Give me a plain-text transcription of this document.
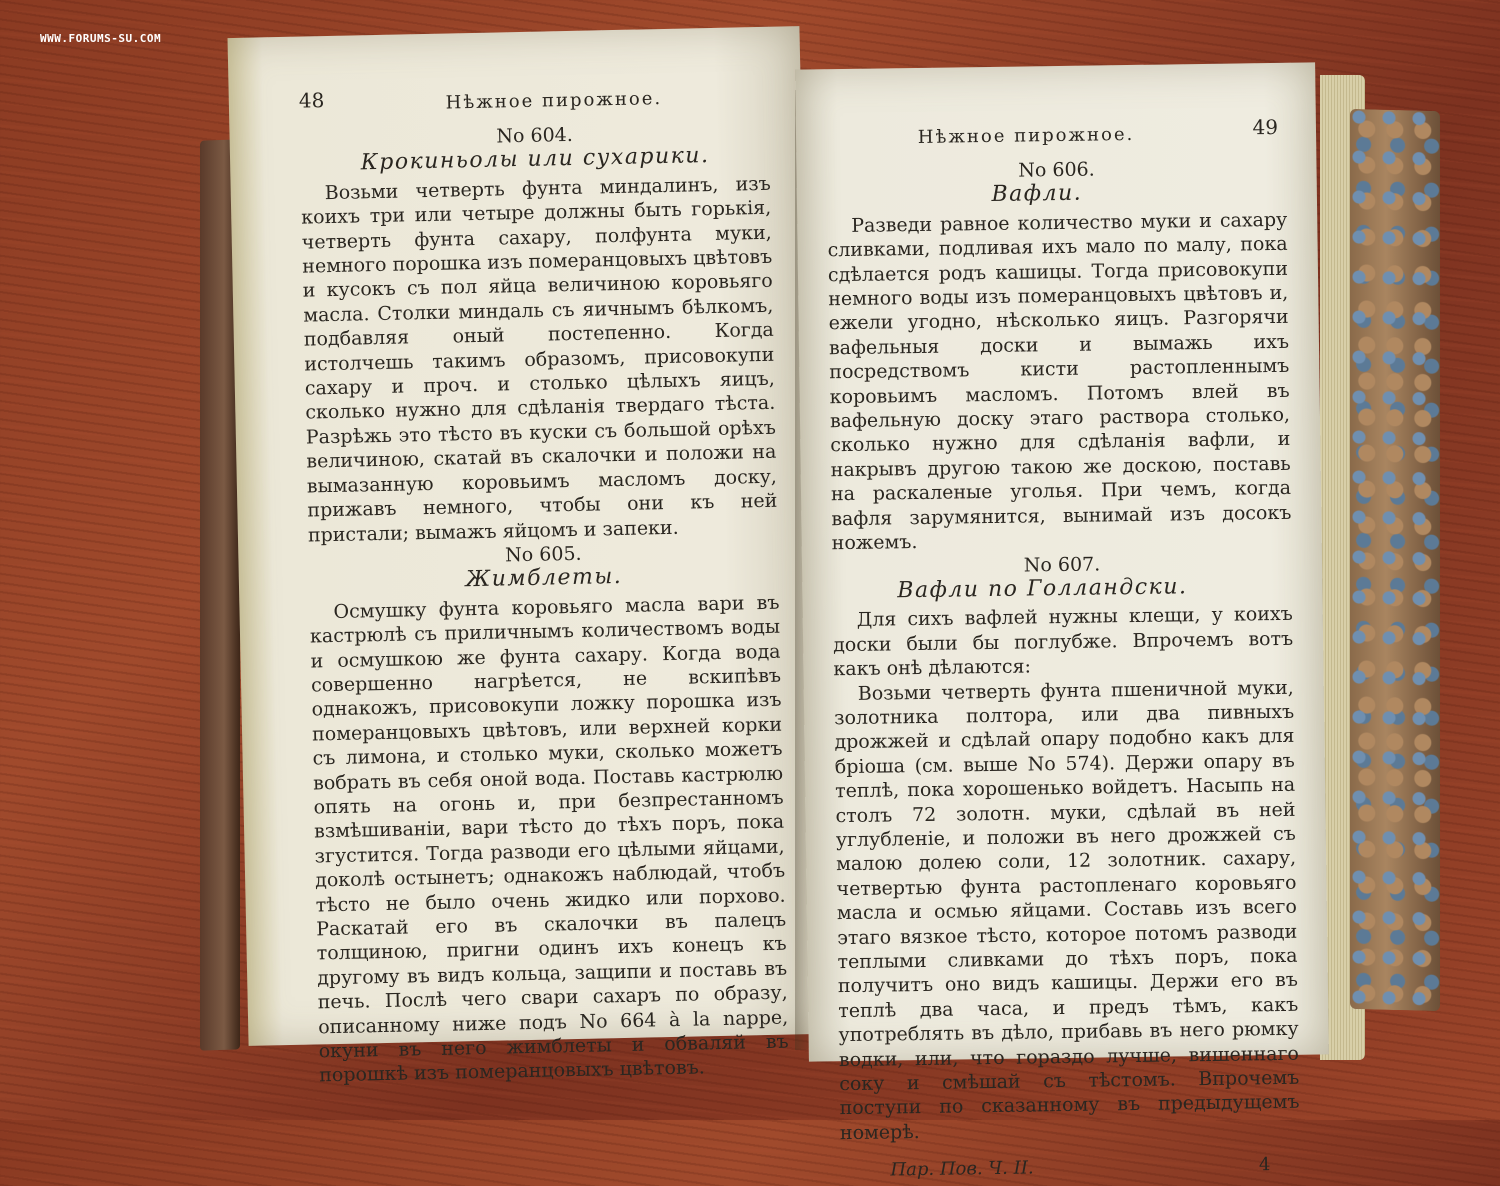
WWW.FORUMS-SU.COM
48	Нѣжное пирожное.

No 604.

Крокиньолы или сухарики.

Возьми четверть фунта миндалинъ, изъ коихъ три или четыре должны быть горькія, четверть фунта сахару, полфунта муки, немного порошка изъ померанцовыхъ цвѣтовъ и кусокъ съ пол яйца величиною коровьяго масла. Столки миндаль съ яичнымъ бѣлкомъ, подбавляя оный постепенно. Когда истолчешь такимъ образомъ, присовокупи сахару и проч. и столько цѣлыхъ яицъ, сколько нужно для сдѣланія твердаго тѣста. Разрѣжь это тѣсто въ куски съ большой орѣхъ величиною, скатай въ скалочки и положи на вымазанную коровьимъ масломъ доску, прижавъ немного, чтобы они къ ней пристали; вымажъ яйцомъ и запеки.

No 605.

Жимблеты.

Осмушку фунта коровьяго масла вари въ кастрюлѣ съ приличнымъ количествомъ воды и осмушкою же фунта сахару. Когда вода совершенно нагрѣется, не вскипѣвъ однакожъ, присовокупи ложку порошка изъ померанцовыхъ цвѣтовъ, или верхней корки съ лимона, и столько муки, сколько можетъ вобрать въ себя оной вода. Поставь кастрюлю опять на огонь и, при безпрестанномъ взмѣшиваніи, вари тѣсто до тѣхъ поръ, пока згустится. Тогда разводи его цѣлыми яйцами, доколѣ остынетъ; однакожъ наблюдай, чтобъ тѣсто не было очень жидко или порхово. Раскатай его въ скалочки въ палецъ толщиною, пригни одинъ ихъ конецъ къ другому въ видъ кольца, защипи и поставь въ печь. Послѣ чего свари сахаръ по образу, описанному ниже подъ No 664 à la nappe, окуни въ него жимблеты и обваляй въ порошкѣ изъ померанцовыхъ цвѣтовъ.

Нѣжное пирожное.	49

No 606.

Вафли.

Разведи равное количество муки и сахару сливками, подливая ихъ мало по малу, пока сдѣлается родъ кашицы. Тогда присовокупи немного воды изъ померанцовыхъ цвѣтовъ и, ежели угодно, нѣсколько яицъ. Разгорячи вафельныя доски и вымажь ихъ посредствомъ кисти растопленнымъ коровьимъ масломъ. Потомъ влей въ вафельную доску этаго раствора столько, сколько нужно для сдѣланія вафли, и накрывъ другою такою же доскою, поставь на раскаленые уголья. При чемъ, когда вафля зарумянится, вынимай изъ досокъ ножемъ.

No 607.

Вафли по Голландски.

Для сихъ вафлей нужны клещи, у коихъ доски были бы поглубже. Впрочемъ вотъ какъ онѣ дѣлаются:

Возьми четверть фунта пшеничной муки, золотника полтора, или два пивныхъ дрожжей и сдѣлай опару подобно какъ для бріоша (см. выше No 574). Держи опару въ теплѣ, пока хорошенько войдетъ. Насыпь на столъ 72 золотн. муки, сдѣлай въ ней углубленіе, и положи въ него дрожжей съ малою долею соли, 12 золотник. сахару, четвертью фунта растопленаго коровьяго масла и осмью яйцами. Составь изъ всего этаго вязкое тѣсто, которое потомъ разводи теплыми сливками до тѣхъ поръ, пока получитъ оно видъ кашицы. Держи его въ теплѣ два часа, и предъ тѣмъ, какъ употреблять въ дѣло, прибавь въ него рюмку водки, или, что гораздо лучше, вишеннаго соку и смѣшай съ тѣстомъ. Впрочемъ поступи по сказанному въ предыдущемъ номерѣ.

Пар. Пов. Ч. II.	4
